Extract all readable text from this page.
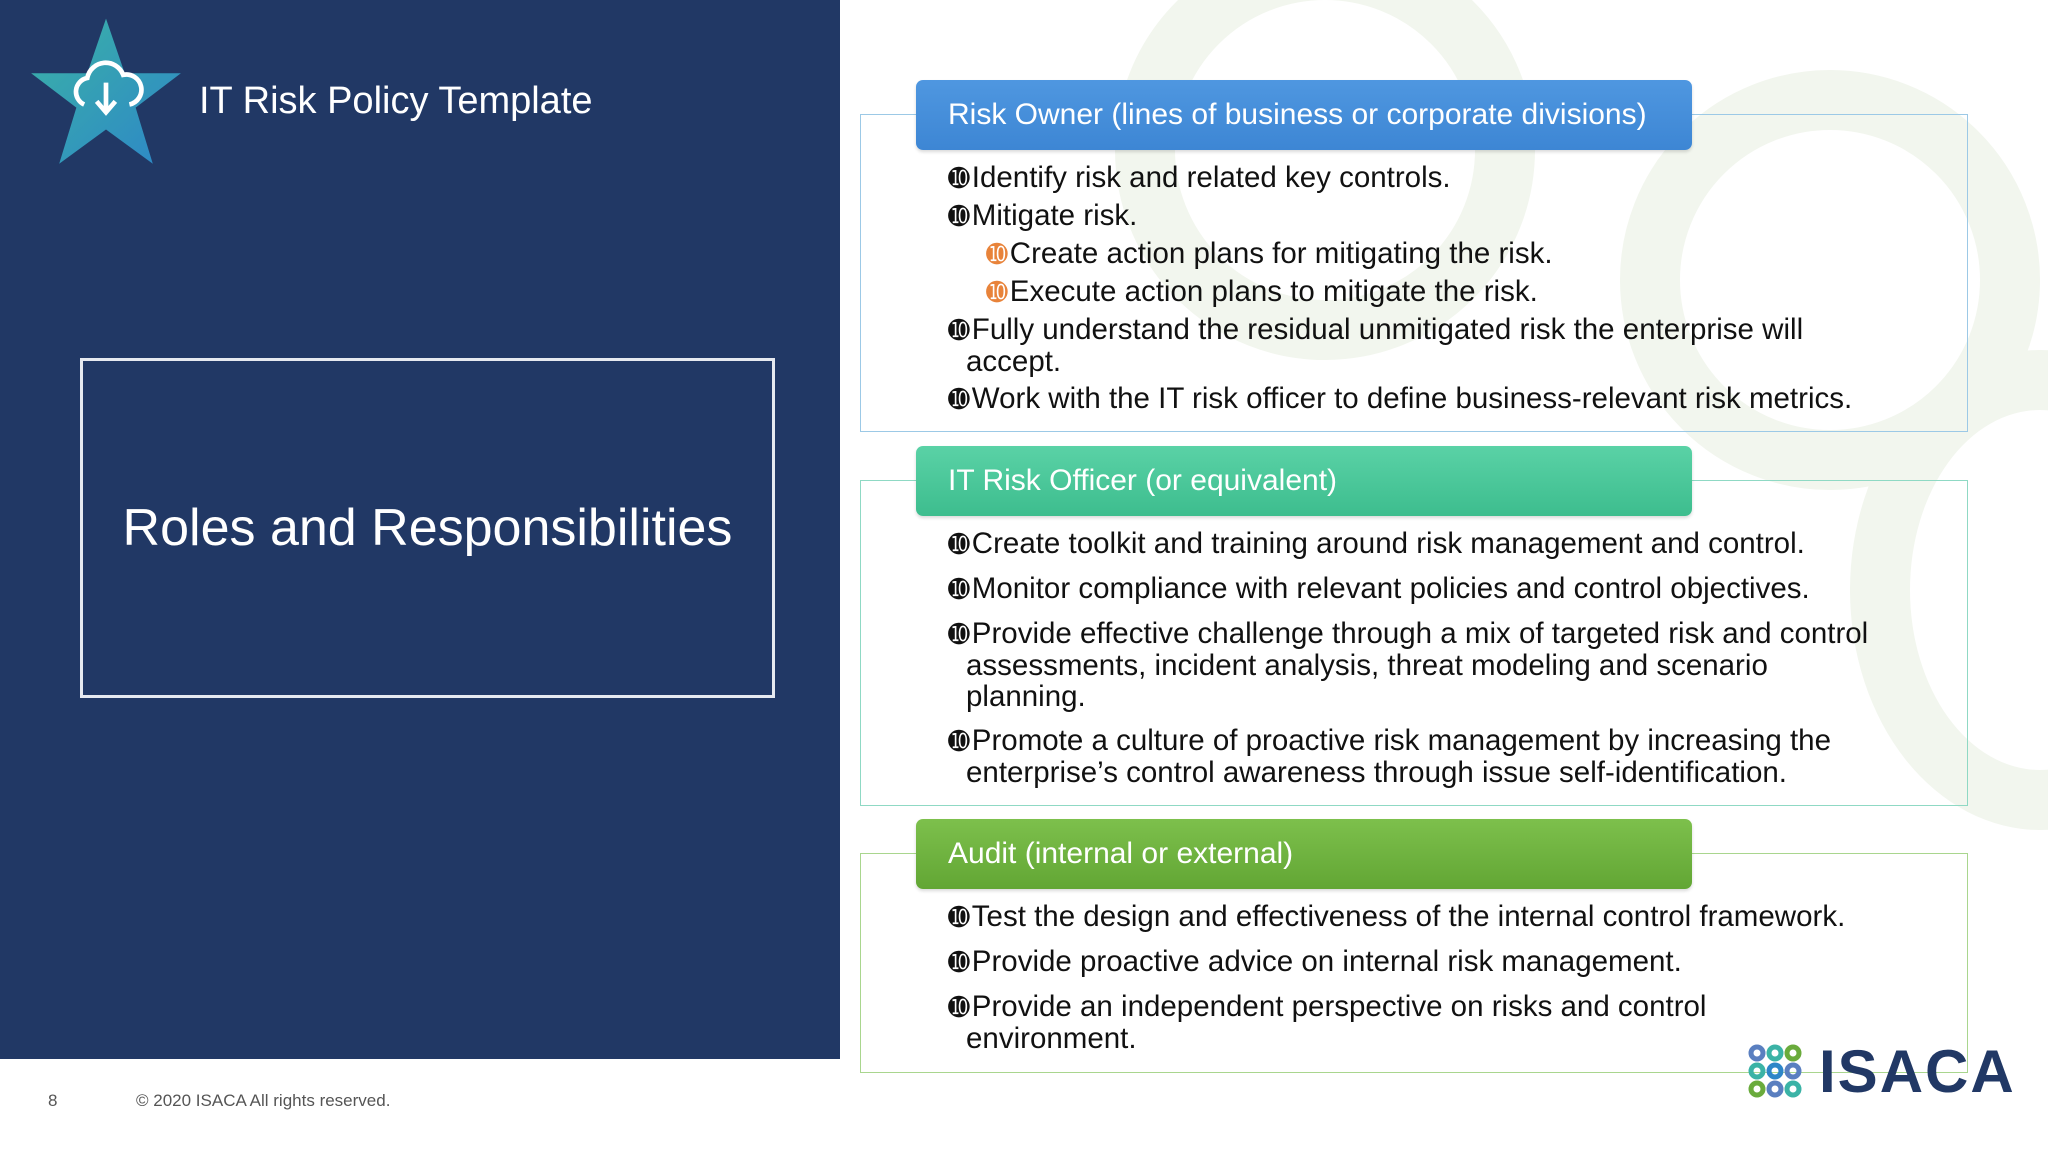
IT Risk Policy Template
Roles and Responsibilities
Risk Owner (lines of business or corporate divisions)
➓Identify risk and related key controls.
➓Mitigate risk.
➓Create action plans for mitigating the risk.
➓Execute action plans to mitigate the risk.
➓Fully understand the residual unmitigated risk the enterprise will
accept.
➓Work with the IT risk officer to define business-relevant risk metrics.
IT Risk Officer (or equivalent)
➓Create toolkit and training around risk management and control.
➓Monitor compliance with relevant policies and control objectives.
➓Provide effective challenge through a mix of targeted risk and control
assessments, incident analysis, threat modeling and scenario planning.
➓Promote a culture of proactive risk management by increasing the
enterprise’s control awareness through issue self-identification.
Audit (internal or external)
➓Test the design and effectiveness of the internal control framework.
➓Provide proactive advice on internal risk management.
➓Provide an independent perspective on risks and control
environment.
8	© 2020 ISACA All rights reserved.	ISACA
